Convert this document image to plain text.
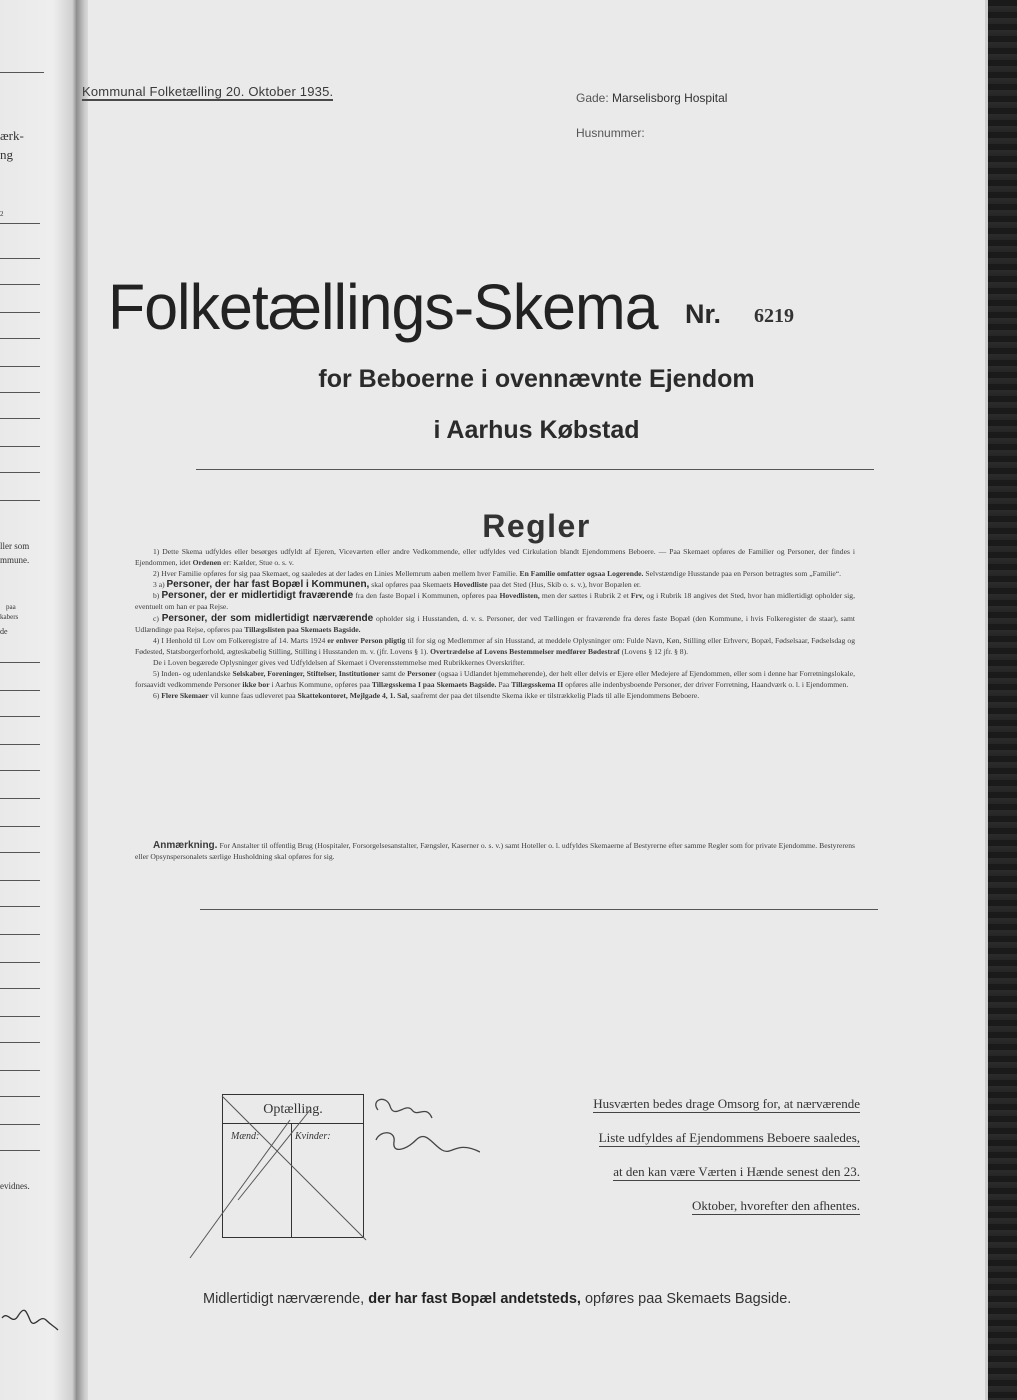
ærk-
ng
2
ller som
mmune.
paa
kabers
de
evidnes.
Kommunal Folketælling 20. Oktober 1935.	Gade: Marselisborg Hospital
Husnummer:
Folketællings-Skema Nr. 6219
for Beboerne i ovennævnte Ejendom
i Aarhus Købstad
Regler

1) Dette Skema udfyldes eller besørges udfyldt af Ejeren, Viceværten eller andre Vedkommende, eller udfyldes ved Cirkulation blandt Ejendommens Beboere. — Paa Skemaet opføres de Familier og Personer, der findes i Ejendommen, idet Ordenen er: Kælder, Stue o. s. v.

2) Hver Familie opføres for sig paa Skemaet, og saaledes at der lades en Linies Mellemrum aaben mellem hver Familie. En Familie omfatter ogsaa Logerende. Selvstændige Husstande paa en Person betragtes som „Familie“.

3 a) Personer, der har fast Bopæl i Kommunen, skal opføres paa Skemaets Hovedliste paa det Sted (Hus, Skib o. s. v.), hvor Bopælen er.

b) Personer, der er midlertidigt fraværende fra den faste Bopæl i Kommunen, opføres paa Hovedlisten, men der sættes i Rubrik 2 et Frv, og i Rubrik 18 angives det Sted, hvor han midlertidigt opholder sig, eventuelt om han er paa Rejse.

c) Personer, der som midlertidigt nærværende opholder sig i Husstanden, d. v. s. Personer, der ved Tællingen er fraværende fra deres faste Bopæl (den Kommune, i hvis Folkeregister de staar), samt Udlændinge paa Rejse, opføres paa Tillægslisten paa Skemaets Bagside.

4) I Henhold til Lov om Folkeregistre af 14. Marts 1924 er enhver Person pligtig til for sig og Medlemmer af sin Husstand, at meddele Oplysninger om: Fulde Navn, Køn, Stilling eller Erhverv, Bopæl, Fødselsaar, Fødselsdag og Fødested, Statsborgerforhold, ægteskabelig Stilling, Stilling i Husstanden m. v. (jfr. Lovens § 1). Overtrædelse af Lovens Bestemmelser medfører Bødestraf (Lovens § 12 jfr. § 8).

De i Loven begærede Oplysninger gives ved Udfyldelsen af Skemaet i Overensstemmelse med Rubrikkernes Overskrifter.

5) Inden- og udenlandske Selskaber, Foreninger, Stiftelser, Institutioner samt de Personer (ogsaa i Udlandet hjemmehørende), der helt eller delvis er Ejere eller Medejere af Ejendommen, eller som i denne har Forretningslokale, forsaavidt vedkommende Personer ikke bor i Aarhus Kommune, opføres paa Tillægsskema I paa Skemaets Bagside. Paa Tillægsskema II opføres alle indenbysboende Personer, der driver Forretning, Haandværk o. l. i Ejendommen.

6) Flere Skemaer vil kunne faas udleveret paa Skattekontoret, Mejlgade 4, 1. Sal, saafremt der paa det tilsendte Skema ikke er tilstrækkelig Plads til alle Ejendommens Beboere.

Anmærkning. For Anstalter til offentlig Brug (Hospitaler, Forsorgelsesanstalter, Fængsler, Kaserner o. s. v.) samt Hoteller o. l. udfyldes Skemaerne af Bestyrerne efter samme Regler som for private Ejendomme. Bestyrerens eller Opsynspersonalets særlige Husholdning skal opføres for sig.

Optælling.
Mænd:	Kvinder:
Husværten bedes drage Omsorg for, at nærværende
Liste udfyldes af Ejendommens Beboere saaledes,
at den kan være Værten i Hænde senest den 23.
Oktober, hvorefter den afhentes.
Midlertidigt nærværende, der har fast Bopæl andetsteds, opføres paa Skemaets Bagside.
